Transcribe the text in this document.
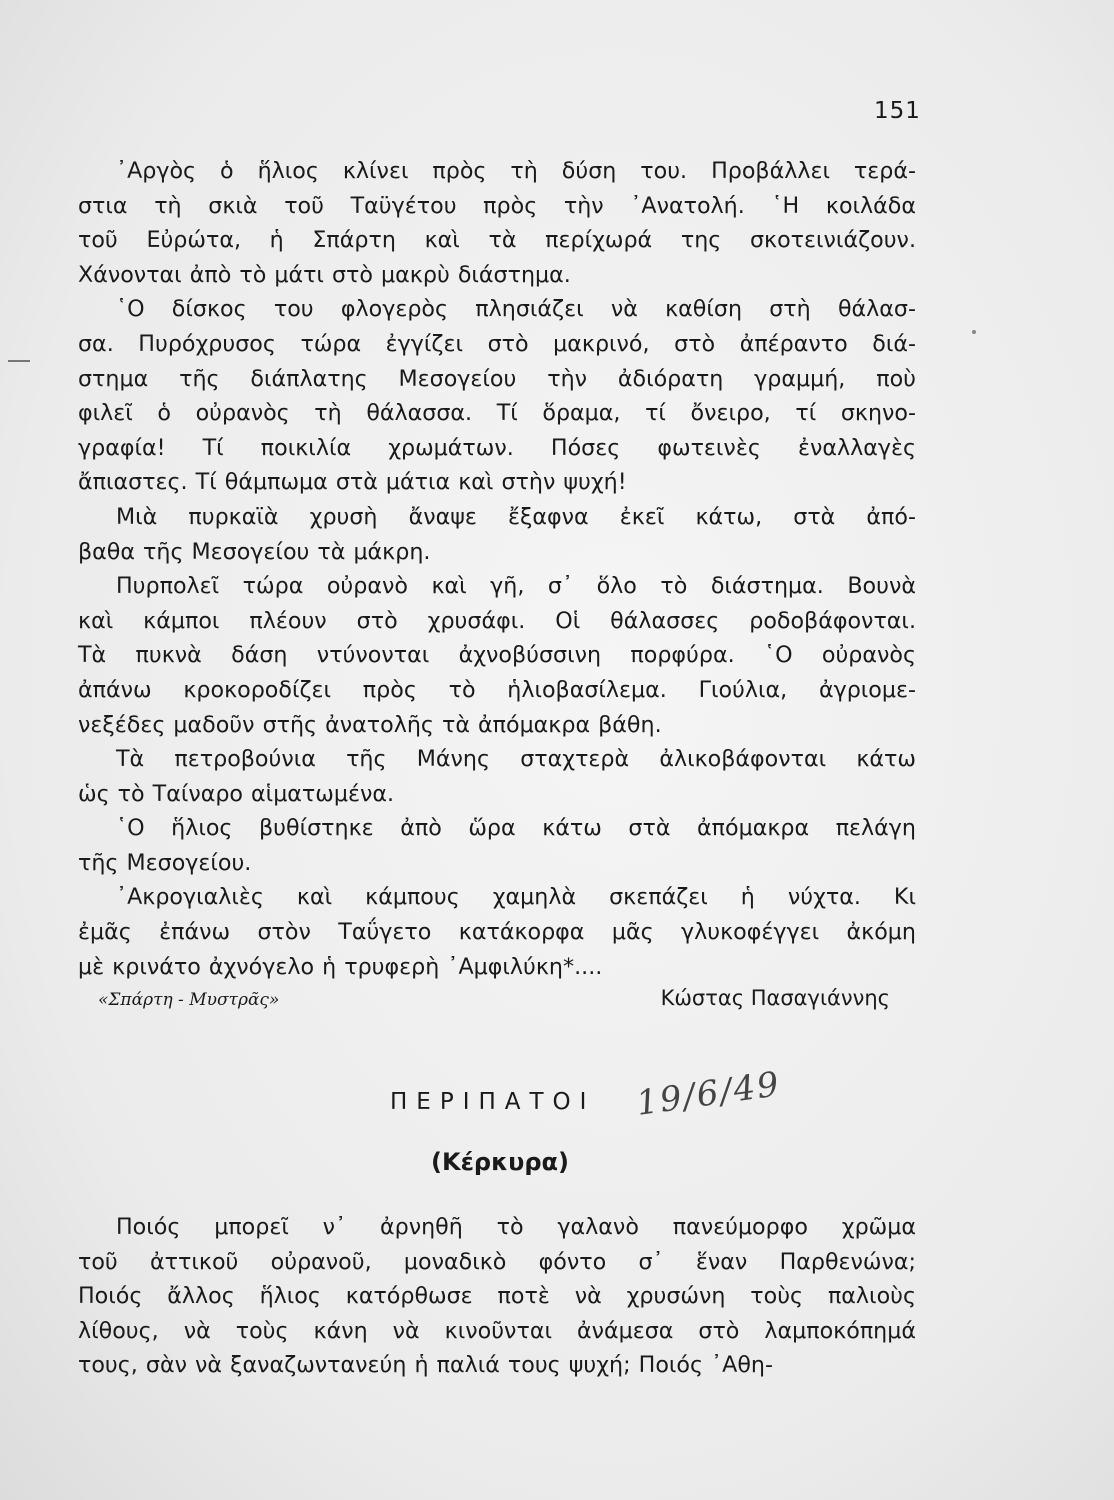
151
᾿Αργὸς ὁ ἥλιος κλίνει πρὸς τὴ δύση του. Προβάλλει τερά-
στια τὴ σκιὰ τοῦ Ταϋγέτου πρὸς τὴν ᾿Ανατολή. ῾Η κοιλάδα
τοῦ Εὐρώτα, ἡ Σπάρτη καὶ τὰ περίχωρά της σκοτεινιάζουν.
Χάνονται ἀπὸ τὸ μάτι στὸ μακρὺ διάστημα.
῾Ο δίσκος του φλογερὸς πλησιάζει νὰ καθίση στὴ θάλασ-
σα. Πυρόχρυσος τώρα ἐγγίζει στὸ μακρινό, στὸ ἀπέραντο διά-
στημα τῆς διάπλατης Μεσογείου τὴν ἀδιόρατη γραμμή, ποὺ
φιλεῖ ὁ οὐρανὸς τὴ θάλασσα. Τί ὅραμα, τί ὄνειρο, τί σκηνο-
γραφία! Τί ποικιλία χρωμάτων. Πόσες φωτεινὲς ἐναλλαγὲς
ἄπιαστες. Τί θάμπωμα στὰ μάτια καὶ στὴν ψυχή!
Μιὰ πυρκαϊὰ χρυσὴ ἄναψε ἔξαφνα ἐκεῖ κάτω, στὰ ἀπό-
βαθα τῆς Μεσογείου τὰ μάκρη.
Πυρπολεῖ τώρα οὐρανὸ καὶ γῆ, σ᾿ ὅλο τὸ διάστημα. Βουνὰ
καὶ κάμποι πλέουν στὸ χρυσάφι. Οἱ θάλασσες ροδοβάφονται.
Τὰ πυκνὰ δάση ντύνονται ἀχνοβύσσινη πορφύρα. ῾Ο οὐρανὸς
ἀπάνω κροκοροδίζει πρὸς τὸ ἡλιοβασίλεμα. Γιούλια, ἀγριομε-
νεξέδες μαδοῦν στῆς ἀνατολῆς τὰ ἀπόμακρα βάθη.
Τὰ πετροβούνια τῆς Μάνης σταχτερὰ ἀλικοβάφονται κάτω
ὡς τὸ Ταίναρο αἱματωμένα.
῾Ο ἥλιος βυθίστηκε ἀπὸ ὥρα κάτω στὰ ἀπόμακρα πελάγη
τῆς Μεσογείου.
᾿Ακρογιαλιὲς καὶ κάμπους χαμηλὰ σκεπάζει ἡ νύχτα. Κι
ἐμᾶς ἐπάνω στὸν Ταΰγετο κατάκορφα μᾶς γλυκοφέγγει ἀκόμη
μὲ κρινάτο ἀχνόγελο ἡ τρυφερὴ ᾿Αμφιλύκη*....
«Σπάρτη - Μυστρᾶς»	Κώστας Πασαγιάννης
ΠΕΡΙΠΑΤΟΙ 19/6/49
(Κέρκυρα)
Ποιός μπορεῖ ν᾿ ἀρνηθῆ τὸ γαλανὸ πανεύμορφο χρῶμα
τοῦ ἀττικοῦ οὐρανοῦ, μοναδικὸ φόντο σ᾿ ἕναν Παρθενώνα;
Ποιός ἄλλος ἥλιος κατόρθωσε ποτὲ νὰ χρυσώνη τοὺς παλιοὺς
λίθους, νὰ τοὺς κάνη νὰ κινοῦνται ἀνάμεσα στὸ λαμποκόπημά
τους, σὰν νὰ ξαναζωντανεύη ἡ παλιά τους ψυχή; Ποιός ᾿Αθη-
